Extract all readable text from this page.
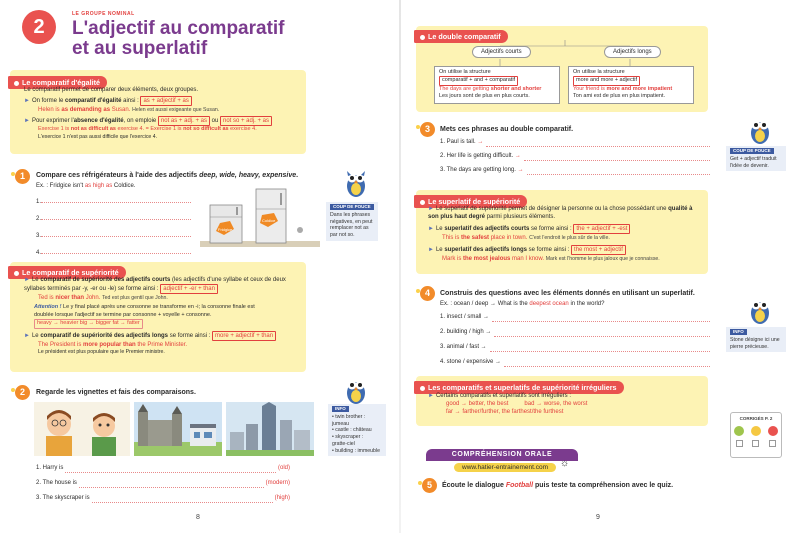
2
LE GROUPE NOMINAL
L'adjectif au comparatif
et au superlatif
Le comparatif d'égalité
Le comparatif permet de comparer deux éléments, deux groupes.
► On forme le comparatif d'égalité ainsi : as + adjectif + as
Helen is as demanding as Susan. Helen est aussi exigeante que Susan.
► Pour exprimer l'absence d'égalité, on emploie not as + adj. + as ou not so + adj. + as
Exercise 1 is not as difficult as exercise 4. = Exercise 1 is not so difficult as exercise 4.
L'exercice 1 n'est pas aussi difficile que l'exercice 4.
1	Compare ces réfrigérateurs à l'aide des adjectifs deep, wide, heavy, expensive.
Ex. : Fridgice isn't as high as Coldice.
1.
2.
3.
4.
Fridgice
Coldice
COUP DE POUCE
Dans les phrases négatives, en peut remplacer not as par not so.
Le comparatif de supériorité
► Le comparatif de supériorité des adjectifs courts (les adjectifs d'une syllabe et ceux de deux syllabes terminés par -y, -er ou -le) se forme ainsi : adjectif + -er + than
Ted is nicer than John. Ted est plus gentil que John.
Attention ! Le y final placé après une consonne se transforme en -i; la consonne finale est doublée lorsque l'adjectif se termine par consonne + voyelle + consonne.
heavy → heavier big → bigger fat → fatter
► Le comparatif de supériorité des adjectifs longs se forme ainsi : more + adjectif + than
The President is more popular than the Prime Minister.
Le président est plus populaire que le Premier ministre.
2	Regarde les vignettes et fais des comparaisons.
INFO
• twin brother :
jumeau
• castle : château
• skyscraper :
gratte-ciel
• building : immeuble
1. Harry is	(old)
2. The house is	(modern)
3. The skyscraper is	(high)
8
Le double comparatif
Adjectifs courts	Adjectifs longs
On utilise la structure
comparatif + and + comparatif
The days are getting shorter and shorter
Les jours sont de plus en plus courts.
On utilise la structure
more and more + adjectif
Your friend is more and more impatient
Ton ami est de plus en plus impatient.
3	Mets ces phrases au double comparatif.
1. Paul is tall. →
2. Her life is getting difficult. →
3. The days are getting long. →
COUP DE POUCE
Get + adjectif traduit l'idée de devenir.
Le superlatif de supériorité
► Le superlatif de supériorité permet de désigner la personne ou la chose possédant une qualité à son plus haut degré parmi plusieurs éléments.
► Le superlatif des adjectifs courts se forme ainsi : the + adjectif + -est
This is the safest place in town. C'est l'endroit le plus sûr de la ville.
► Le superlatif des adjectifs longs se forme ainsi : the most + adjectif
Mark is the most jealous man I know. Mark est l'homme le plus jaloux que je connaisse.
4	Construis des questions avec les éléments donnés en utilisant un superlatif.
Ex. : ocean / deep → What is the deepest ocean in the world?
1. insect / small →
2. building / high →
3. animal / fast →
4. stone / expensive →
INFO
Stone désigne ici une pierre précieuse.
Les comparatifs et superlatifs de supériorité irréguliers
► Certains comparatifs et superlatifs sont irréguliers :
good → better, the best	bad → worse, the worst
far → farther/further, the farthest/the furthest
COMPRÉHENSION ORALE
www.hatier-entrainement.com	☼
5	Écoute le dialogue Football puis teste ta compréhension avec le quiz.
CORRIGÉS P. 2
9
